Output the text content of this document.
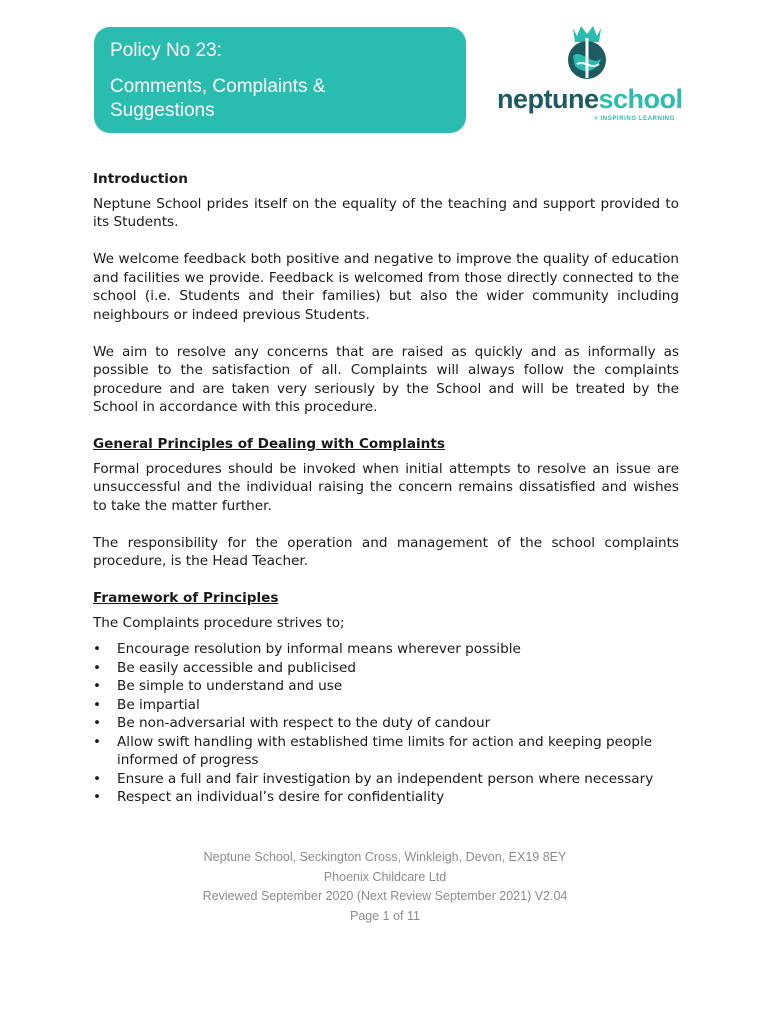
Policy No 23:
Comments, Complaints &
Suggestions	neptuneschool
> INSPIRING LEARNING
Introduction

Neptune School prides itself on the equality of the teaching and support provided to its Students.

We welcome feedback both positive and negative to improve the quality of education and facilities we provide. Feedback is welcomed from those directly connected to the school (i.e. Students and their families) but also the wider community including neighbours or indeed previous Students.

We aim to resolve any concerns that are raised as quickly and as informally as possible to the satisfaction of all. Complaints will always follow the complaints procedure and are taken very seriously by the School and will be treated by the School in accordance with this procedure.

General Principles of Dealing with Complaints

Formal procedures should be invoked when initial attempts to resolve an issue are unsuccessful and the individual raising the concern remains dissatisfied and wishes to take the matter further.

The responsibility for the operation and management of the school complaints procedure, is the Head Teacher.

Framework of Principles

The Complaints procedure strives to;

• Encourage resolution by informal means wherever possible
• Be easily accessible and publicised
• Be simple to understand and use
• Be impartial
• Be non-adversarial with respect to the duty of candour
• Allow swift handling with established time limits for action and keeping people informed of progress
• Ensure a full and fair investigation by an independent person where necessary
• Respect an individual’s desire for confidentiality
Neptune School, Seckington Cross, Winkleigh, Devon, EX19 8EY
Phoenix Childcare Ltd
Reviewed September 2020 (Next Review September 2021) V2.04
Page 1 of 11
